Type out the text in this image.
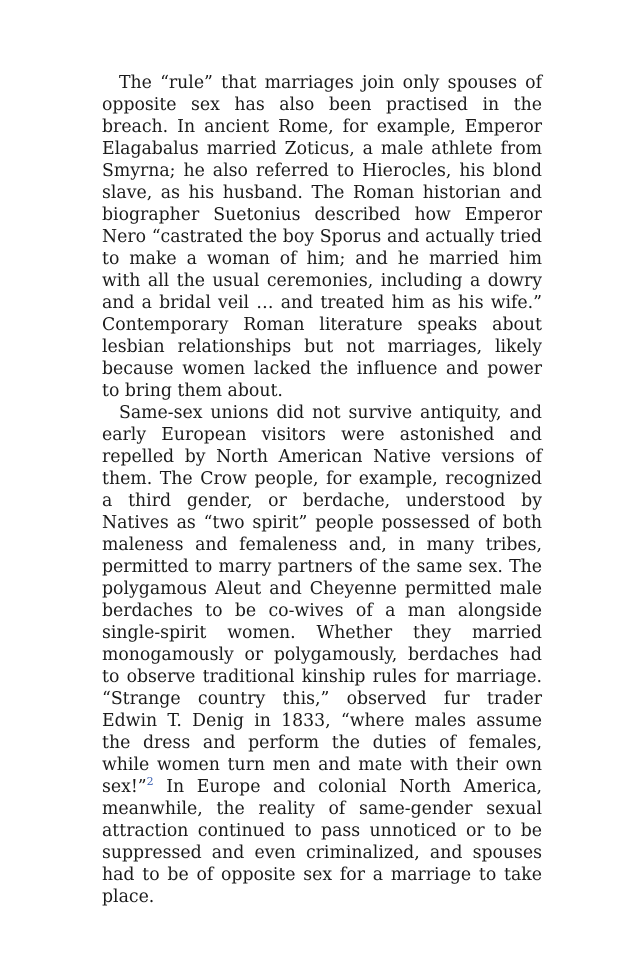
The “rule” that marriages join only spouses of opposite sex has also been practised in the breach. In ancient Rome, for example, Emperor Elagabalus married Zoticus, a male athlete from Smyrna; he also referred to Hierocles, his blond slave, as his husband. The Roman historian and biographer Suetonius described how Emperor Nero “castrated the boy Sporus and actually tried to make a woman of him; and he married him with all the usual ceremonies, including a dowry and a bridal veil … and treated him as his wife.” Contemporary Roman literature speaks about lesbian relationships but not marriages, likely because women lacked the influence and power to bring them about.

Same-sex unions did not survive antiquity, and early European visitors were astonished and repelled by North American Native versions of them. The Crow people, for example, recognized a third gender, or berdache, understood by Natives as “two spirit” people possessed of both maleness and femaleness and, in many tribes, permitted to marry partners of the same sex. The polygamous Aleut and Cheyenne permitted male berdaches to be co-wives of a man alongside single-spirit women. Whether they married monogamously or polygamously, berdaches had to observe traditional kinship rules for marriage. “Strange country this,” observed fur trader Edwin T. Denig in 1833, “where males assume the dress and perform the duties of females, while women turn men and mate with their own sex!”$^2$ In Europe and colonial North America, meanwhile, the reality of same-gender sexual attraction continued to pass unnoticed or to be suppressed and even criminalized, and spouses had to be of opposite sex for a marriage to take place.
